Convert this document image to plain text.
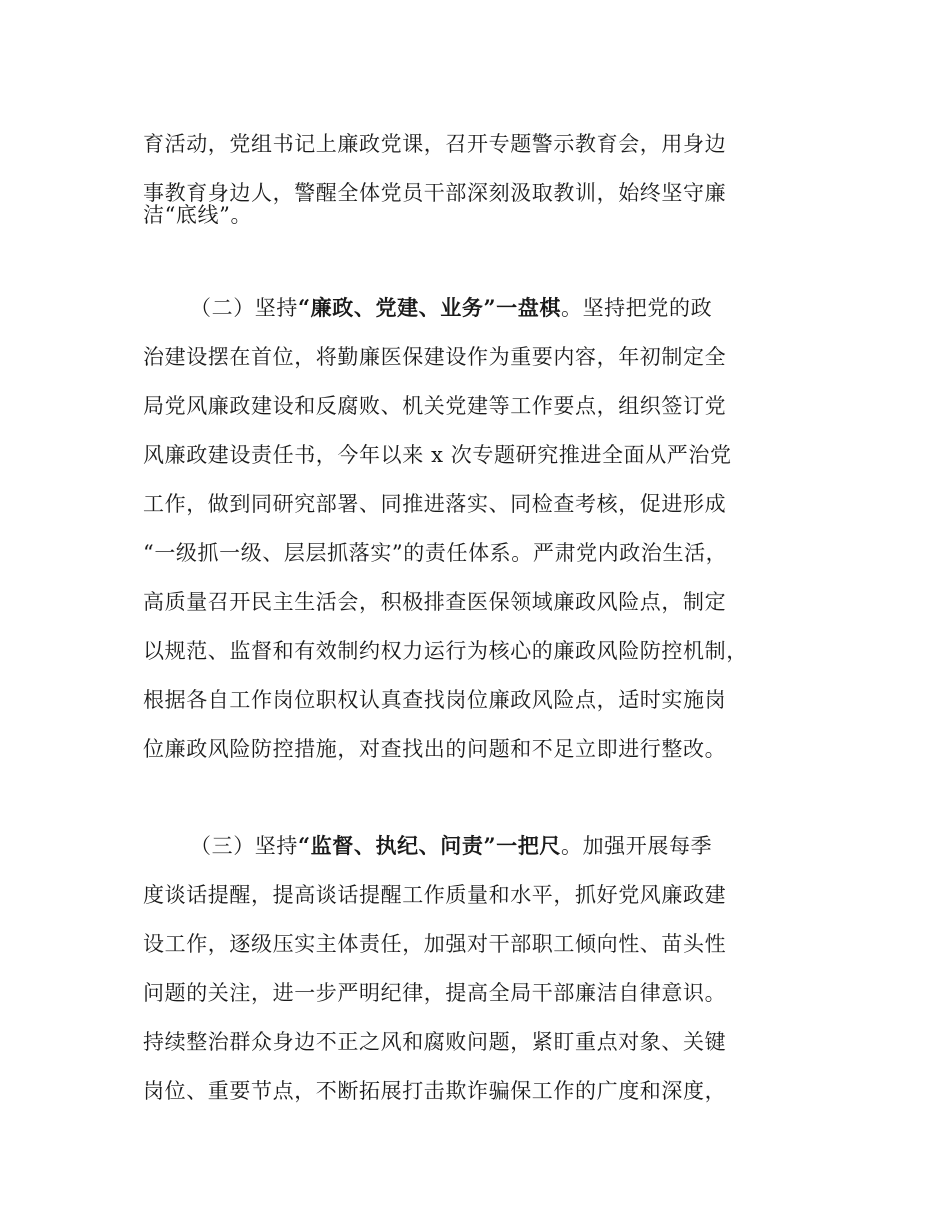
育活动，党组书记上廉政党课，召开专题警示教育会，用身边
事教育身边人，警醒全体党员干部深刻汲取教训，始终坚守廉
洁“底线”。
（二）坚持“廉政、党建、业务”一盘棋。坚持把党的政
治建设摆在首位，将勤廉医保建设作为重要内容，年初制定全
局党风廉政建设和反腐败、机关党建等工作要点，组织签订党
风廉政建设责任书，今年以来 x 次专题研究推进全面从严治党
工作，做到同研究部署、同推进落实、同检查考核，促进形成
“一级抓一级、层层抓落实”的责任体系。严肃党内政治生活，
高质量召开民主生活会，积极排查医保领域廉政风险点，制定
以规范、监督和有效制约权力运行为核心的廉政风险防控机制，
根据各自工作岗位职权认真查找岗位廉政风险点，适时实施岗
位廉政风险防控措施，对查找出的问题和不足立即进行整改。
（三）坚持“监督、执纪、问责”一把尺。加强开展每季
度谈话提醒，提高谈话提醒工作质量和水平，抓好党风廉政建
设工作，逐级压实主体责任，加强对干部职工倾向性、苗头性
问题的关注，进一步严明纪律，提高全局干部廉洁自律意识。
持续整治群众身边不正之风和腐败问题，紧盯重点对象、关键
岗位、重要节点，不断拓展打击欺诈骗保工作的广度和深度，
